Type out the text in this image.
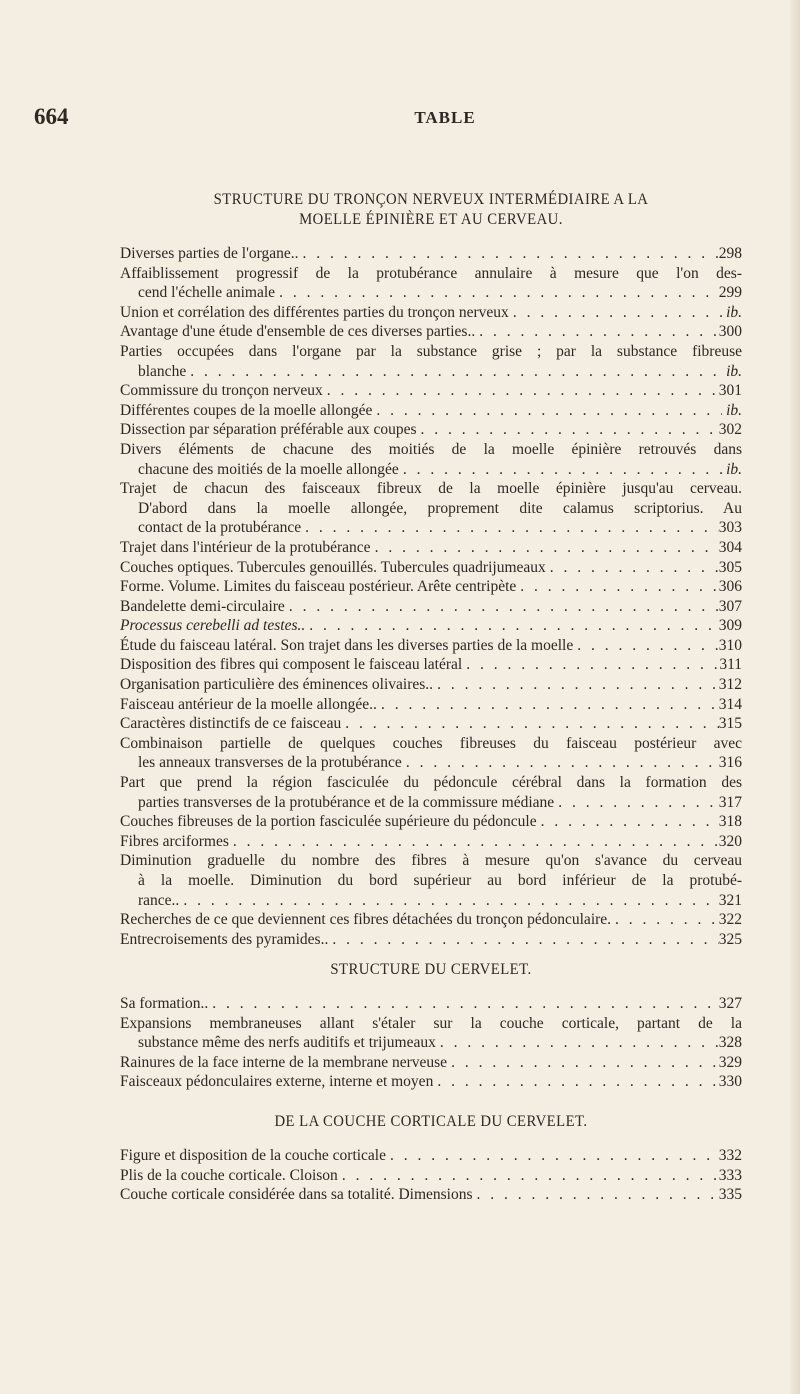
664	TABLE
STRUCTURE DU TRONÇON NERVEUX INTERMÉDIAIRE A LA
MOELLE ÉPINIÈRE ET AU CERVEAU.
Diverses parties de l'organe.. . . .	298
Affaiblissement progressif de la protubérance annulaire à mesure que l'on des-
cend l'échelle animale . . .	299
Union et corrélation des différentes parties du tronçon nerveux . . .	ib.
Avantage d'une étude d'ensemble de ces diverses parties.. . . .	300
Parties occupées dans l'organe par la substance grise ; par la substance fibreuse
blanche . . .	ib.
Commissure du tronçon nerveux . . .	301
Différentes coupes de la moelle allongée . . .	ib.
Dissection par séparation préférable aux coupes . . .	302
Divers éléments de chacune des moitiés de la moelle épinière retrouvés dans
chacune des moitiés de la moelle allongée . . .	ib.
Trajet de chacun des faisceaux fibreux de la moelle épinière jusqu'au cerveau.
D'abord dans la moelle allongée, proprement dite calamus scriptorius. Au
contact de la protubérance . . .	303
Trajet dans l'intérieur de la protubérance . . .	304
Couches optiques. Tubercules genouillés. Tubercules quadrijumeaux . . .	305
Forme. Volume. Limites du faisceau postérieur. Arête centripète . . .	306
Bandelette demi-circulaire . . .	307
Processus cerebelli ad testes.. . . .	309
Étude du faisceau latéral. Son trajet dans les diverses parties de la moelle . . .	310
Disposition des fibres qui composent le faisceau latéral . . .	311
Organisation particulière des éminences olivaires.. . . .	312
Faisceau antérieur de la moelle allongée.. . . .	314
Caractères distinctifs de ce faisceau . . .	315
Combinaison partielle de quelques couches fibreuses du faisceau postérieur avec
les anneaux transverses de la protubérance . . .	316
Part que prend la région fasciculée du pédoncule cérébral dans la formation des
parties transverses de la protubérance et de la commissure médiane . . .	317
Couches fibreuses de la portion fasciculée supérieure du pédoncule . . .	318
Fibres arciformes . . .	320
Diminution graduelle du nombre des fibres à mesure qu'on s'avance du cerveau
à la moelle. Diminution du bord supérieur au bord inférieur de la protubé-
rance.. . . .	321
Recherches de ce que deviennent ces fibres détachées du tronçon pédonculaire. . . .	322
Entrecroisements des pyramides.. . . .	325
STRUCTURE DU CERVELET.
Sa formation.. . . .	327
Expansions membraneuses allant s'étaler sur la couche corticale, partant de la
substance même des nerfs auditifs et trijumeaux . . .	328
Rainures de la face interne de la membrane nerveuse . . .	329
Faisceaux pédonculaires externe, interne et moyen . . .	330
DE LA COUCHE CORTICALE DU CERVELET.
Figure et disposition de la couche corticale . . .	332
Plis de la couche corticale. Cloison . . .	333
Couche corticale considérée dans sa totalité. Dimensions . . .	335
